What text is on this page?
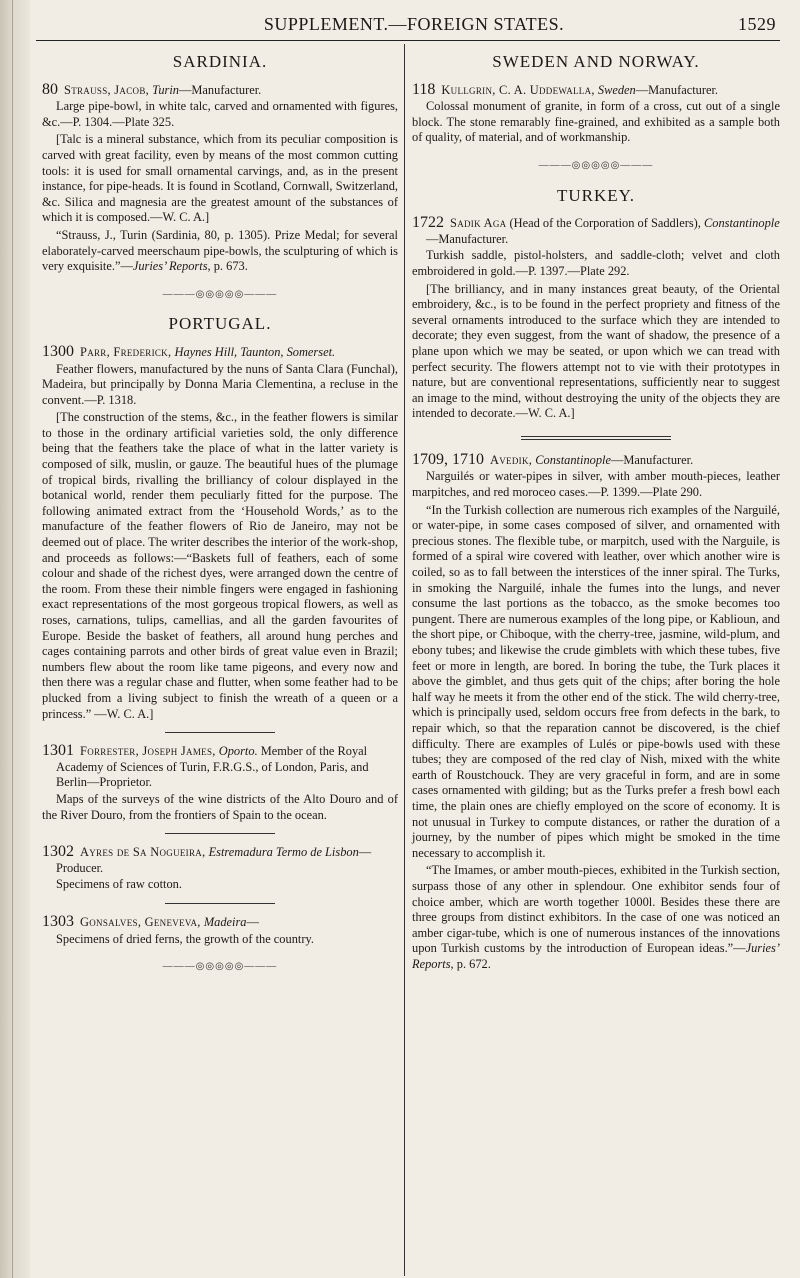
SUPPLEMENT.—FOREIGN STATES.	1529
SARDINIA.
80 Strauss, Jacob, Turin—Manufacturer.

Large pipe-bowl, in white talc, carved and ornamented with figures, &c.—P. 1304.—Plate 325.

[Talc is a mineral substance, which from its peculiar composition is carved with great facility, even by means of the most common cutting tools: it is used for small ornamental carvings, and, as in the present instance, for pipe-heads. It is found in Scotland, Cornwall, Switzerland, &c. Silica and magnesia are the greatest amount of the substances of which it is composed.—W. C. A.]

“Strauss, J., Turin (Sardinia, 80, p. 1305). Prize Medal; for several elaborately-carved meerschaum pipe-bowls, the sculpturing of which is very exquisite.”—Juries’ Reports, p. 673.

———◎◎◎◎◎———
PORTUGAL.
1300 Parr, Frederick, Haynes Hill, Taunton, Somerset.

Feather flowers, manufactured by the nuns of Santa Clara (Funchal), Madeira, but principally by Donna Maria Clementina, a recluse in the convent.—P. 1318.

[The construction of the stems, &c., in the feather flowers is similar to those in the ordinary artificial varieties sold, the only difference being that the feathers take the place of what in the latter variety is composed of silk, muslin, or gauze. The beautiful hues of the plumage of tropical birds, rivalling the brilliancy of colour displayed in the botanical world, render them peculiarly fitted for the purpose. The following animated extract from the ‘Household Words,’ as to the manufacture of the feather flowers of Rio de Janeiro, may not be deemed out of place. The writer describes the interior of the work-shop, and proceeds as follows:—“Baskets full of feathers, each of some colour and shade of the richest dyes, were arranged down the centre of the room. From these their nimble fingers were engaged in fashioning exact representations of the most gorgeous tropical flowers, as well as roses, carnations, tulips, camellias, and all the garden favourites of Europe. Beside the basket of feathers, all around hung perches and cages containing parrots and other birds of great value even in Brazil; numbers flew about the room like tame pigeons, and every now and then there was a regular chase and flutter, when some feather had to be plucked from a living subject to finish the wreath of a queen or a princess.” —W. C. A.]

1301 Forrester, Joseph James, Oporto. Member of the Royal Academy of Sciences of Turin, F.R.G.S., of London, Paris, and Berlin—Proprietor.

Maps of the surveys of the wine districts of the Alto Douro and of the River Douro, from the frontiers of Spain to the ocean.

1302 Ayres de Sa Nogueira, Estremadura Termo de Lisbon—Producer.

Specimens of raw cotton.

1303 Gonsalves, Geneveva, Madeira—

Specimens of dried ferns, the growth of the country.

———◎◎◎◎◎———
SWEDEN AND NORWAY.
118 Kullgrin, C. A. Uddewalla, Sweden—Manufacturer.

Colossal monument of granite, in form of a cross, cut out of a single block. The stone remarably fine-grained, and exhibited as a sample both of quality, of material, and of workmanship.

———◎◎◎◎◎———
TURKEY.
1722 Sadik Aga (Head of the Corporation of Saddlers), Constantinople—Manufacturer.

Turkish saddle, pistol-holsters, and saddle-cloth; velvet and cloth embroidered in gold.—P. 1397.—Plate 292.

[The brilliancy, and in many instances great beauty, of the Oriental embroidery, &c., is to be found in the perfect propriety and fitness of the several ornaments introduced to the surface which they are intended to decorate; they even suggest, from the want of shadow, the presence of a plane upon which we may be seated, or upon which we can tread with perfect security. The flowers attempt not to vie with their prototypes in nature, but are conventional representations, sufficiently near to suggest an image to the mind, without destroying the unity of the objects they are intended to decorate.—W. C. A.]

1709, 1710 Avedik, Constantinople—Manufacturer.

Narguilés or water-pipes in silver, with amber mouth-pieces, leather marpitches, and red moroceo cases.—P. 1399.—Plate 290.

“In the Turkish collection are numerous rich examples of the Narguilé, or water-pipe, in some cases composed of silver, and ornamented with precious stones. The flexible tube, or marpitch, used with the Narguile, is formed of a spiral wire covered with leather, over which another wire is coiled, so as to fall between the interstices of the inner spiral. The Turks, in smoking the Narguilé, inhale the fumes into the lungs, and never consume the last portions as the tobacco, as the smoke becomes too pungent. There are numerous examples of the long pipe, or Kablioun, and the short pipe, or Chiboque, with the cherry-tree, jasmine, wild-plum, and ebony tubes; and likewise the crude gimblets with which these tubes, five feet or more in length, are bored. In boring the tube, the Turk places it above the gimblet, and thus gets quit of the chips; after boring the hole half way he meets it from the other end of the stick. The wild cherry-tree, which is principally used, seldom occurs free from defects in the bark, to repair which, so that the reparation cannot be discovered, is the chief difficulty. There are examples of Lulés or pipe-bowls used with these tubes; they are composed of the red clay of Nish, mixed with the white earth of Roustchouck. They are very graceful in form, and are in some cases ornamented with gilding; but as the Turks prefer a fresh bowl each time, the plain ones are chiefly employed on the score of economy. It is not unusual in Turkey to compute distances, or rather the duration of a journey, by the number of pipes which might be smoked in the time necessary to accomplish it.

“The Imames, or amber mouth-pieces, exhibited in the Turkish section, surpass those of any other in splendour. One exhibitor sends four of choice amber, which are worth together 1000l. Besides these there are three groups from distinct exhibitors. In the case of one was noticed an amber cigar-tube, which is one of numerous instances of the innovations upon Turkish customs by the introduction of European ideas.”—Juries’ Reports, p. 672.
